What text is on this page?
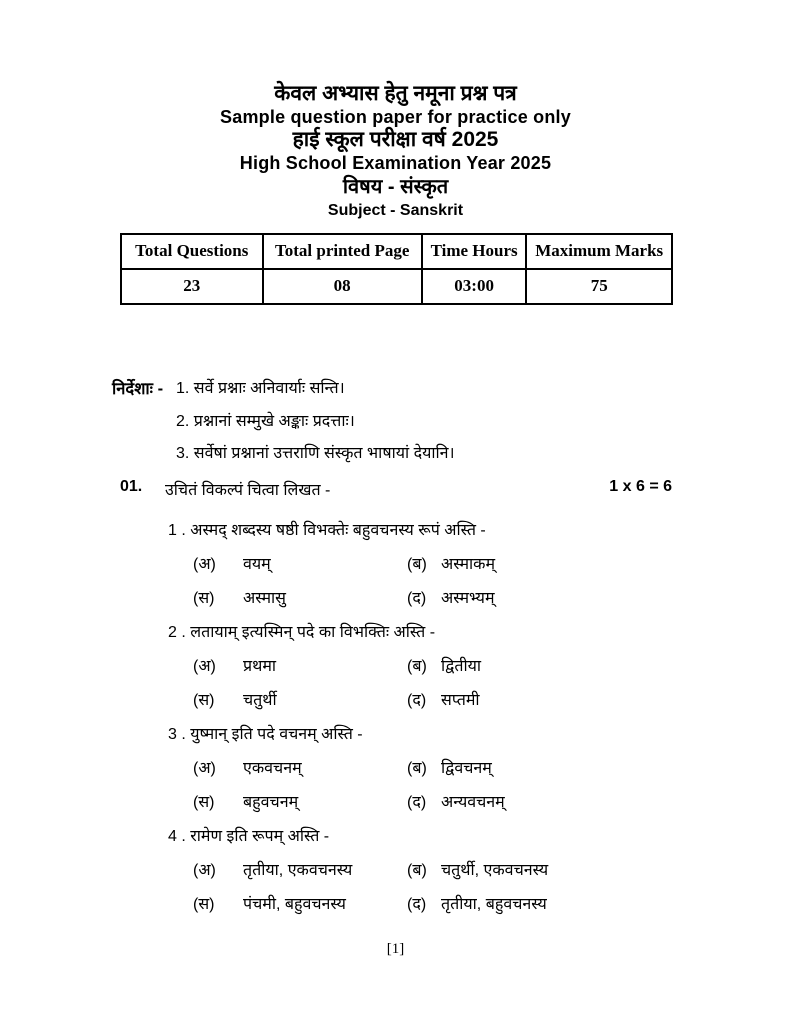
केवल अभ्यास हेतु नमूना प्रश्न पत्र
Sample question paper for practice only
हाई स्कूल परीक्षा वर्ष 2025
High School Examination Year 2025
विषय - संस्कृत
Subject - Sanskrit
Total Questions	Total printed Page	Time Hours	Maximum Marks
23	08	03:00	75
निर्देशाः - 1. सर्वे प्रश्नाः अनिवार्याः सन्ति।
2. प्रश्नानां सम्मुखे अङ्काः प्रदत्ताः।
3. सर्वेषां प्रश्नानां उत्तराणि संस्कृत भाषायां देयानि।
01.	उचितं विकल्पं चित्वा लिखत -	1 x 6 = 6
1 . अस्मद् शब्दस्य षष्ठी विभक्तेः बहुवचनस्य रूपं अस्ति -
(अ)	वयम्	(ब) अस्माकम्
(स)	अस्मासु	(द) अस्मभ्यम्
2 . लतायाम् इत्यस्मिन् पदे का विभक्तिः अस्ति -
(अ)	प्रथमा	(ब) द्वितीया
(स)	चतुर्थी	(द) सप्तमी
3 . युष्मान् इति पदे वचनम् अस्ति -
(अ)	एकवचनम्	(ब) द्विवचनम्
(स)	बहुवचनम्	(द) अन्यवचनम्
4 . रामेण इति रूपम् अस्ति -
(अ)	तृतीया, एकवचनस्य	(ब) चतुर्थी, एकवचनस्य
(स)	पंचमी, बहुवचनस्य	(द) तृतीया, बहुवचनस्य
[1]
